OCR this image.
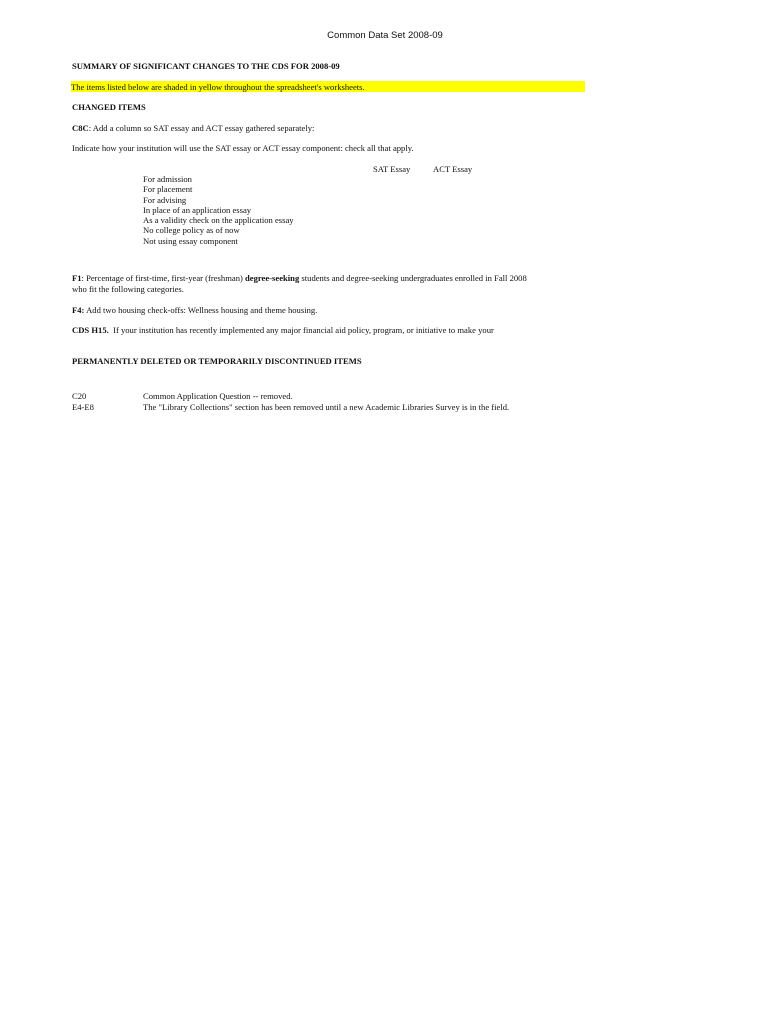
Common Data Set 2008-09
SUMMARY OF SIGNIFICANT CHANGES TO THE CDS FOR 2008-09
The items listed below are shaded in yellow throughout the spreadsheet's worksheets.
CHANGED ITEMS
C8C: Add a column so SAT essay and ACT essay gathered separately:
Indicate how your institution will use the SAT essay or ACT essay component: check all that apply.
SAT Essay	ACT Essay
For admission
For placement
For advising
In place of an application essay
As a validity check on the application essay
No college policy as of now
Not using essay component
F1: Percentage of first-time, first-year (freshman) degree-seeking students and degree-seeking undergraduates enrolled in Fall 2008
who fit the following categories.
F4: Add two housing check-offs: Wellness housing and theme housing.
CDS H15.  If your institution has recently implemented any major financial aid policy, program, or initiative to make your
PERMANENTLY DELETED OR TEMPORARILY DISCONTINUED ITEMS
C20	Common Application Question -- removed.
E4-E8	The "Library Collections" section has been removed until a new Academic Libraries Survey is in the field.
